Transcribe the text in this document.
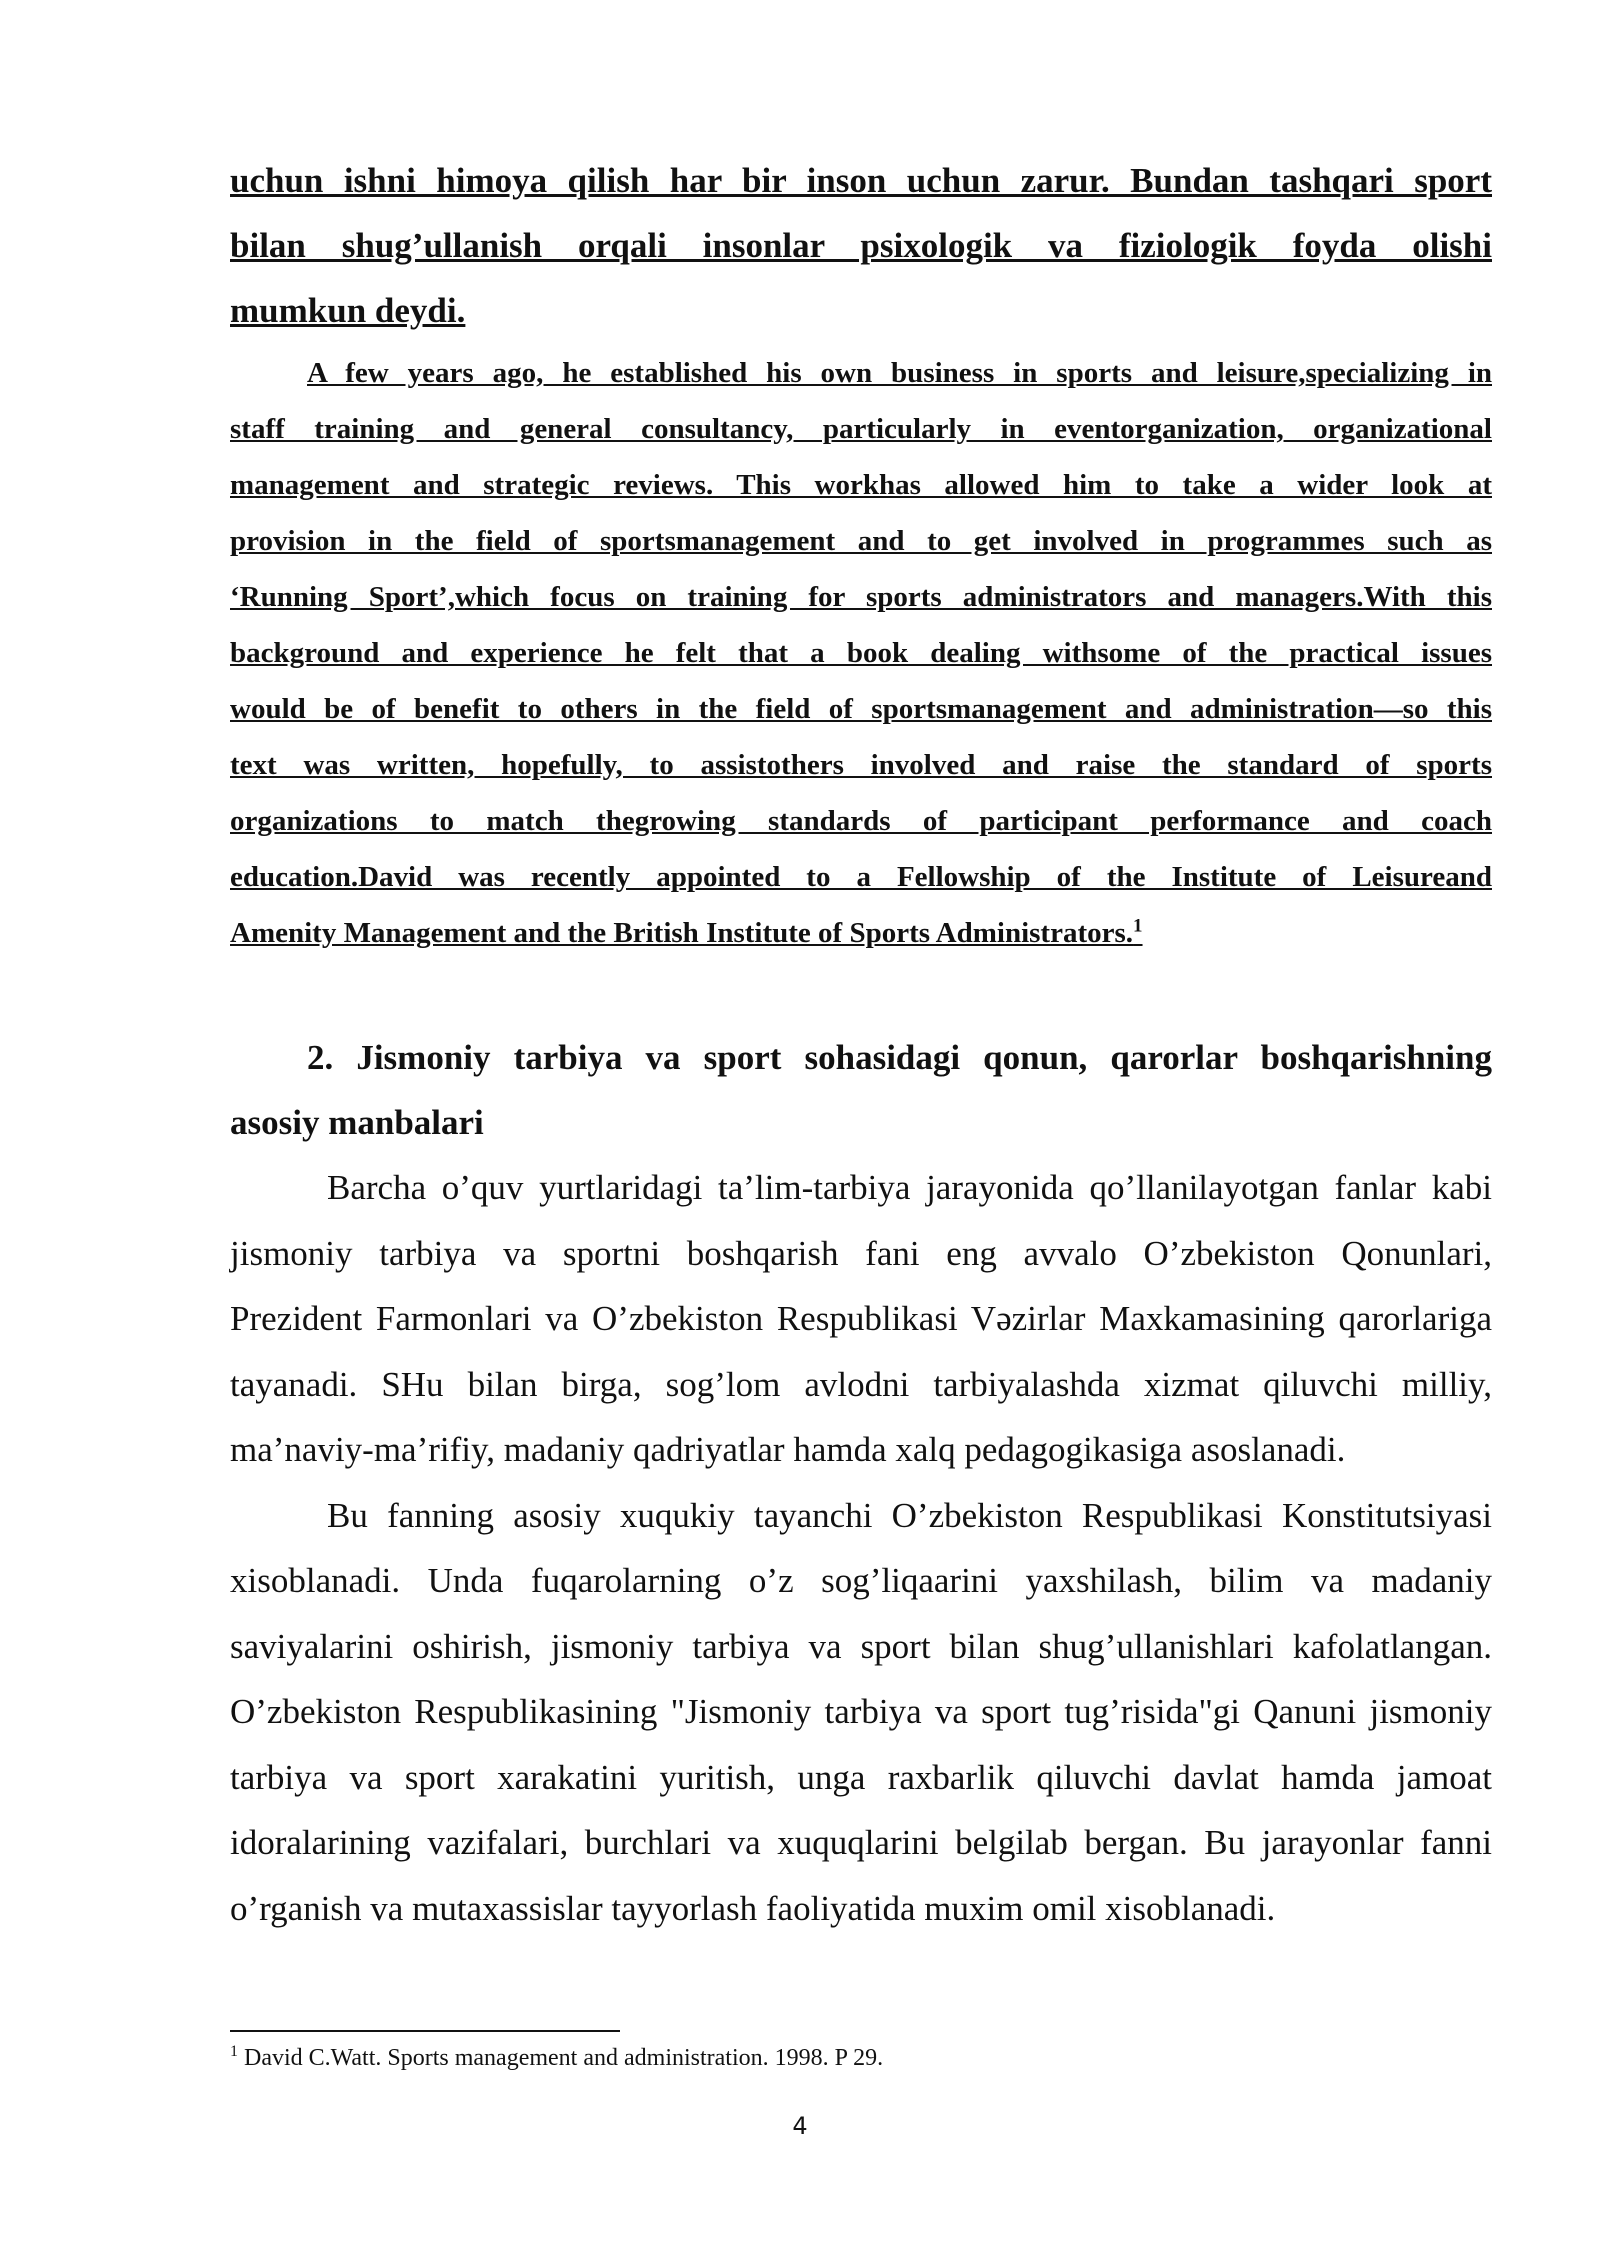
uchun ishni himoya qilish har bir inson uchun zarur. Bundan tashqari sport

bilan shug’ullanish orqali insonlar psixologik va fiziologik foyda olishi

mumkun deydi.

A few years ago, he established his own business in sports and leisure,specializing in

staff training and general consultancy, particularly in eventorganization, organizational

management and strategic reviews. This workhas allowed him to take a wider look at

provision in the field of sportsmanagement and to get involved in programmes such as

‘Running Sport’,which focus on training for sports administrators and managers.With this

background and experience he felt that a book dealing withsome of the practical issues

would be of benefit to others in the field of sportsmanagement and administration—so this

text was written, hopefully, to assistothers involved and raise the standard of sports

organizations to match thegrowing standards of participant performance and coach

education.David was recently appointed to a Fellowship of the Institute of Leisureand

Amenity Management and the British Institute of Sports Administrators.$^1$

2. Jismoniy tarbiya va sport sohasidagi qonun, qarorlar boshqarishning

asosiy manbalari

Barcha o’quv yurtlaridagi ta’lim-tarbiya jarayonida qo’llanilayotgan fanlar kabi

jismoniy tarbiya va sportni boshqarish fani eng avvalo O’zbekiston Qonunlari,

Prezident Farmonlari va O’zbekiston Respublikasi Vəzirlar Maxkamasining qarorlariga

tayanadi. SHu bilan birga, sog’lom avlodni tarbiyalashda xizmat qiluvchi milliy,

ma’naviy-ma’rifiy, madaniy qadriyatlar hamda xalq pedagogikasiga asoslanadi.

Bu fanning asosiy xuqukiy tayanchi O’zbekiston Respublikasi Konstitutsiyasi

xisoblanadi. Unda fuqarolarning o’z sog’liqaarini yaxshilash, bilim va madaniy

saviyalarini oshirish, jismoniy tarbiya va sport bilan shug’ullanishlari kafolatlangan.

O’zbekiston Respublikasining "Jismoniy tarbiya va sport tug’risida"gi Qanuni jismoniy

tarbiya va sport xarakatini yuritish, unga raxbarlik qiluvchi davlat hamda jamoat

idoralarining vazifalari, burchlari va xuquqlarini belgilab bergan. Bu jarayonlar fanni

o’rganish va mutaxassislar tayyorlash faoliyatida muxim omil xisoblanadi.

$^1$ David C.Watt. Sports management and administration. 1998. P 29.
4
